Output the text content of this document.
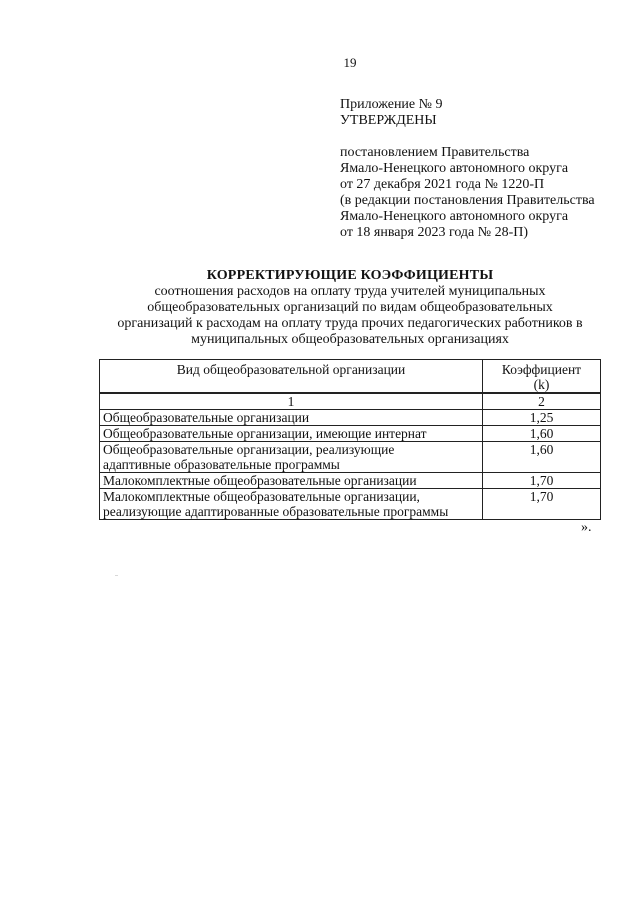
19
Приложение № 9
УТВЕРЖДЕНЫ
постановлением Правительства
Ямало-Ненецкого автономного округа
от 27 декабря 2021 года № 1220-П
(в редакции постановления Правительства
Ямало-Ненецкого автономного округа
от 18 января 2023 года № 28-П)
КОРРЕКТИРУЮЩИЕ КОЭФФИЦИЕНТЫ
соотношения расходов на оплату труда учителей муниципальных
общеобразовательных организаций по видам общеобразовательных
организаций к расходам на оплату труда прочих педагогических работников в
муниципальных общеобразовательных организациях
Вид общеобразовательной организации	Коэффициент
(k)
1	2
Общеобразовательные организации	1,25
Общеобразовательные организации, имеющие интернат	1,60
Общеобразовательные организации, реализующие
адаптивные образовательные программы	1,60
Малокомплектные общеобразовательные организации	1,70
Малокомплектные общеобразовательные организации,
реализующие адаптированные образовательные программы	1,70
».
